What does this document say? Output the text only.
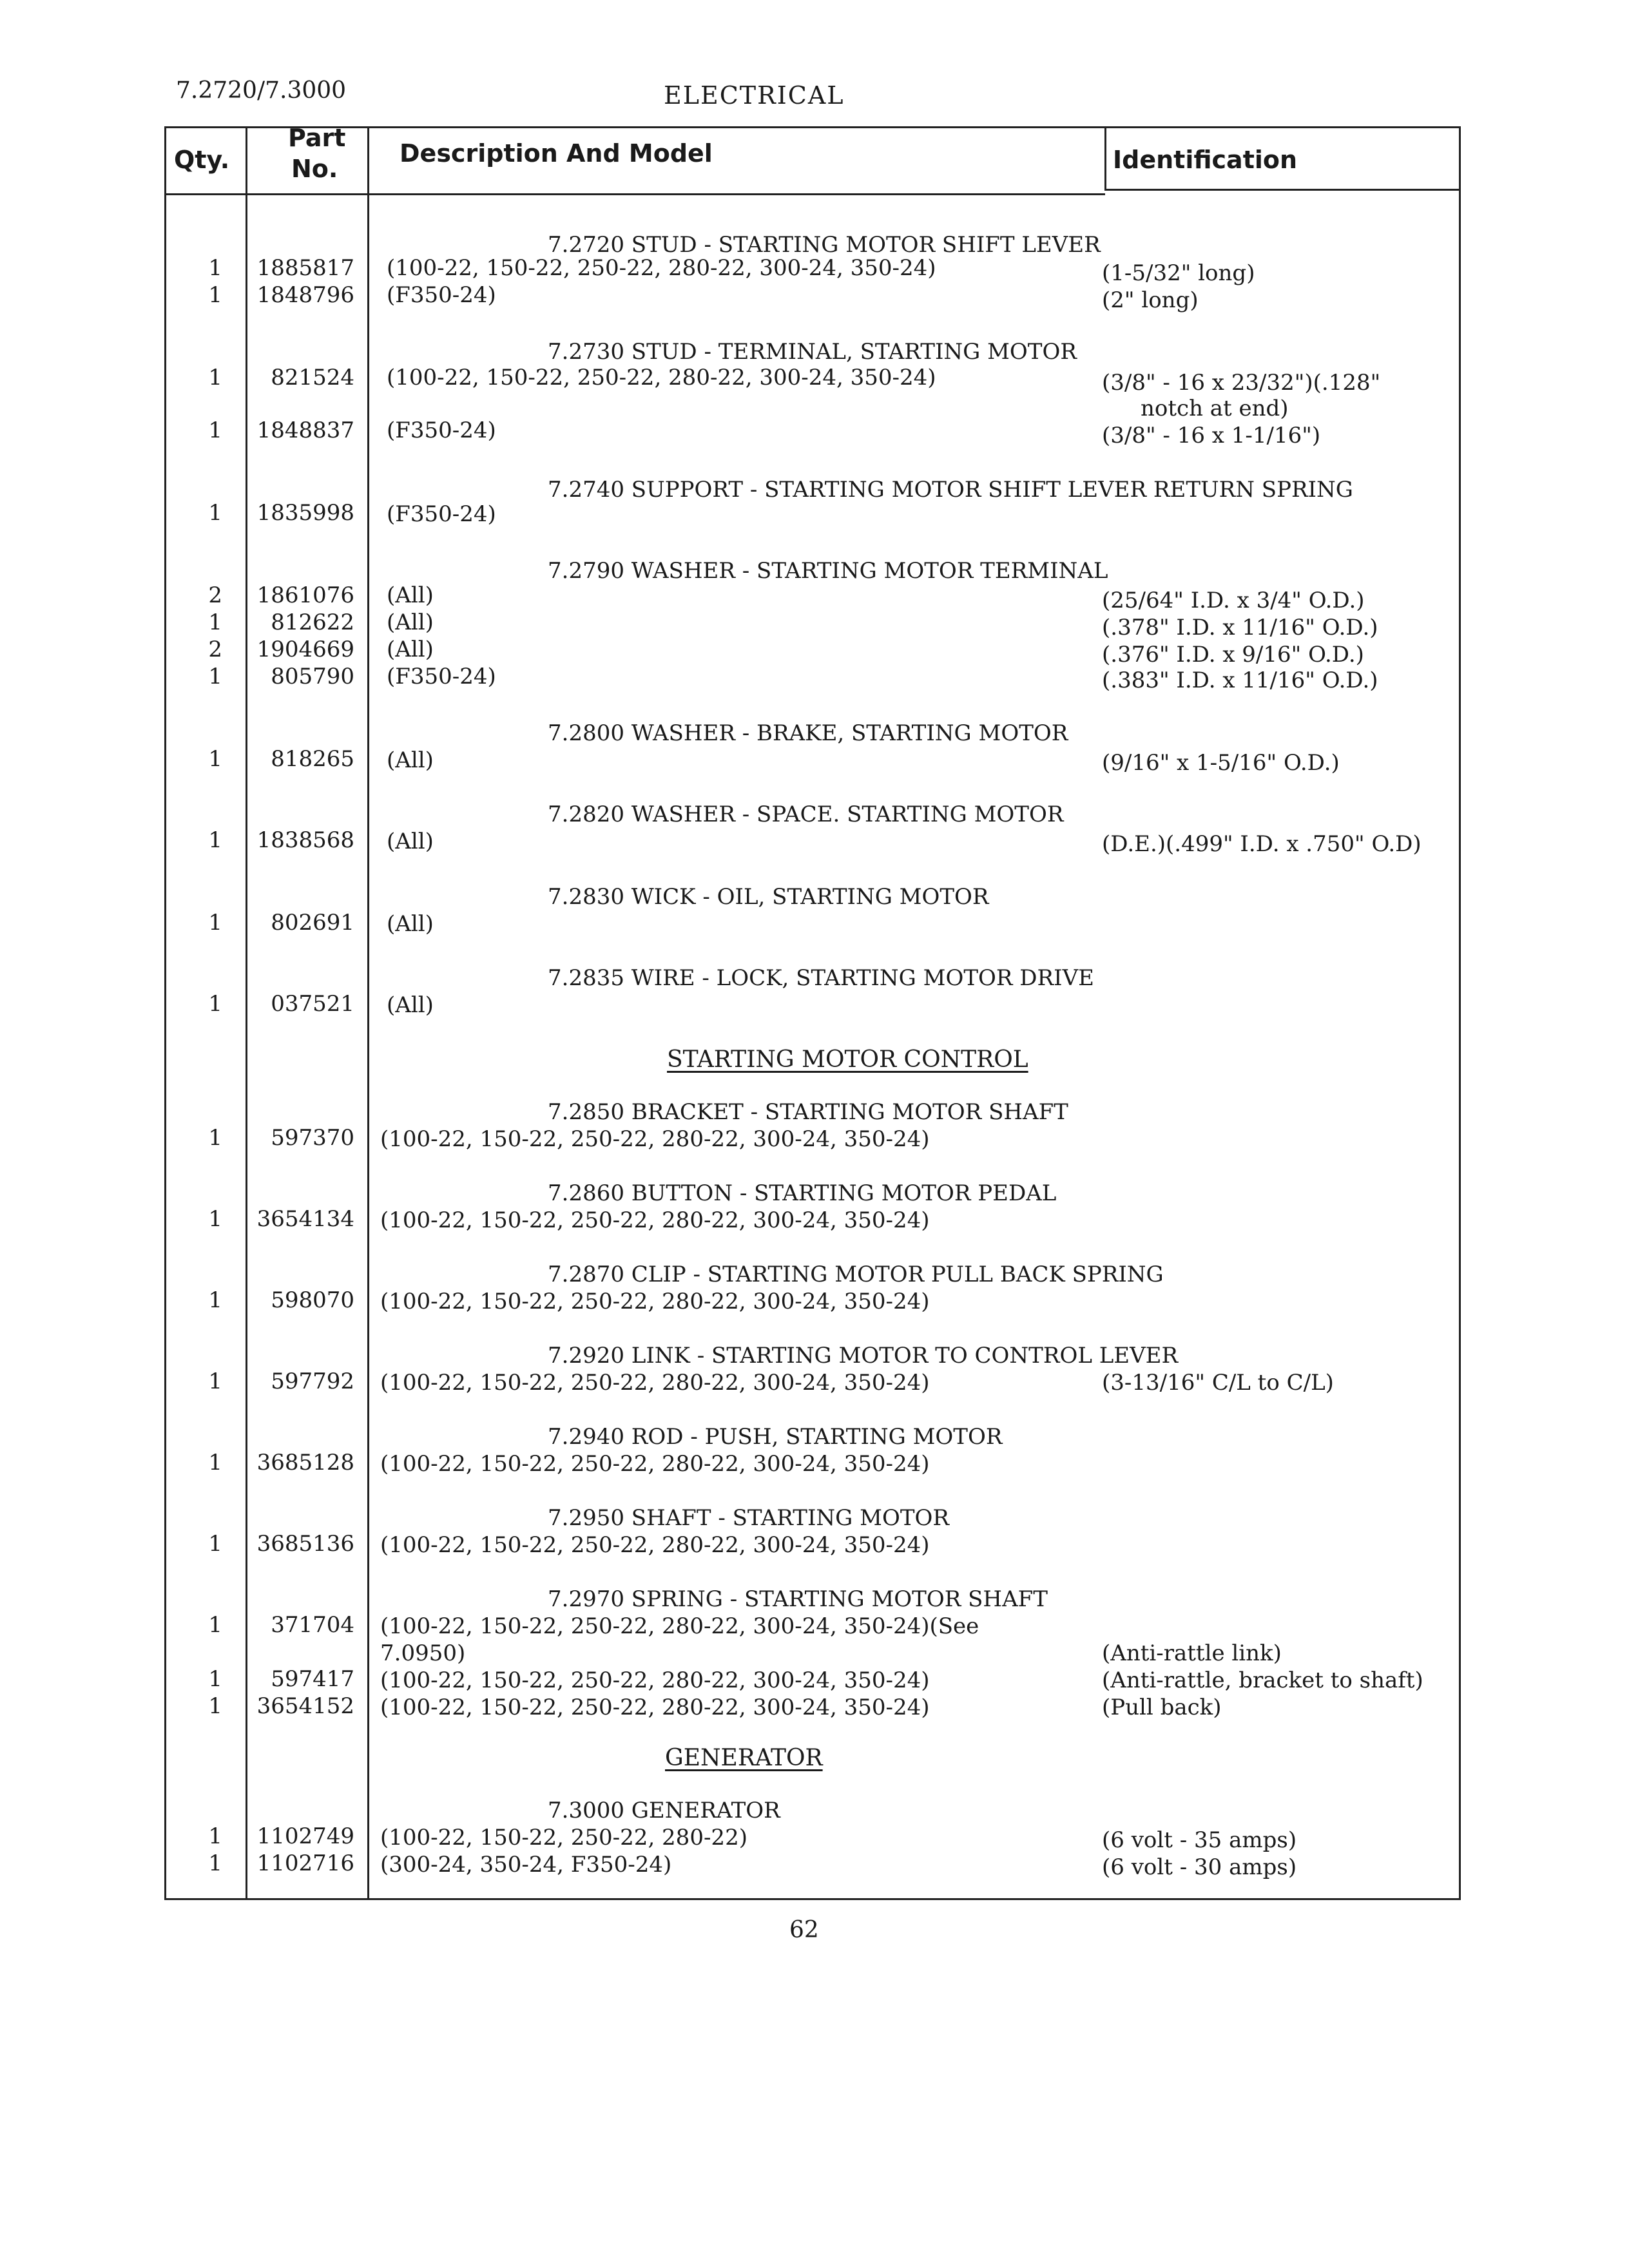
7.2720/7.3000	ELECTRICAL
Qty.
Part
No.
Description And Model	Identification
7.2720 STUD - STARTING MOTOR SHIFT LEVER
1	1885817 (100-22, 150-22, 250-22, 280-22, 300-24, 350-24)	(1-5/32" long)
1	1848796 (F350-24)	(2" long)
7.2730 STUD - TERMINAL, STARTING MOTOR
1	821524 (100-22, 150-22, 250-22, 280-22, 300-24, 350-24)	(3/8" - 16 x 23/32")(.128"
notch at end)
1	1848837 (F350-24)	(3/8" - 16 x 1-1/16")
7.2740 SUPPORT - STARTING MOTOR SHIFT LEVER RETURN SPRING
1	1835998 (F350-24)
7.2790 WASHER - STARTING MOTOR TERMINAL
2	1861076 (All)	(25/64" I.D. x 3/4" O.D.)
1	812622 (All)	(.378" I.D. x 11/16" O.D.)
2	1904669 (All)	(.376" I.D. x 9/16" O.D.)
1	805790 (F350-24)	(.383" I.D. x 11/16" O.D.)
7.2800 WASHER - BRAKE, STARTING MOTOR
1	818265 (All)	(9/16" x 1-5/16" O.D.)
7.2820 WASHER - SPACE. STARTING MOTOR
1	1838568 (All)	(D.E.)(.499" I.D. x .750" O.D)
7.2830 WICK - OIL, STARTING MOTOR
1	802691 (All)
7.2835 WIRE - LOCK, STARTING MOTOR DRIVE
1	037521 (All)
STARTING MOTOR CONTROL
7.2850 BRACKET - STARTING MOTOR SHAFT
1	597370 (100-22, 150-22, 250-22, 280-22, 300-24, 350-24)
7.2860 BUTTON - STARTING MOTOR PEDAL
1	3654134 (100-22, 150-22, 250-22, 280-22, 300-24, 350-24)
7.2870 CLIP - STARTING MOTOR PULL BACK SPRING
1	598070 (100-22, 150-22, 250-22, 280-22, 300-24, 350-24)
7.2920 LINK - STARTING MOTOR TO CONTROL LEVER
1	597792 (100-22, 150-22, 250-22, 280-22, 300-24, 350-24)	(3-13/16" C/L to C/L)
7.2940 ROD - PUSH, STARTING MOTOR
1	3685128 (100-22, 150-22, 250-22, 280-22, 300-24, 350-24)
7.2950 SHAFT - STARTING MOTOR
1	3685136 (100-22, 150-22, 250-22, 280-22, 300-24, 350-24)
7.2970 SPRING - STARTING MOTOR SHAFT
1	371704 (100-22, 150-22, 250-22, 280-22, 300-24, 350-24)(See
7.0950)	(Anti-rattle link)
1	597417 (100-22, 150-22, 250-22, 280-22, 300-24, 350-24)	(Anti-rattle, bracket to shaft)
1	3654152 (100-22, 150-22, 250-22, 280-22, 300-24, 350-24)	(Pull back)
GENERATOR
7.3000 GENERATOR
1	1102749 (100-22, 150-22, 250-22, 280-22)	(6 volt - 35 amps)
1	1102716 (300-24, 350-24, F350-24)	(6 volt - 30 amps)
62
